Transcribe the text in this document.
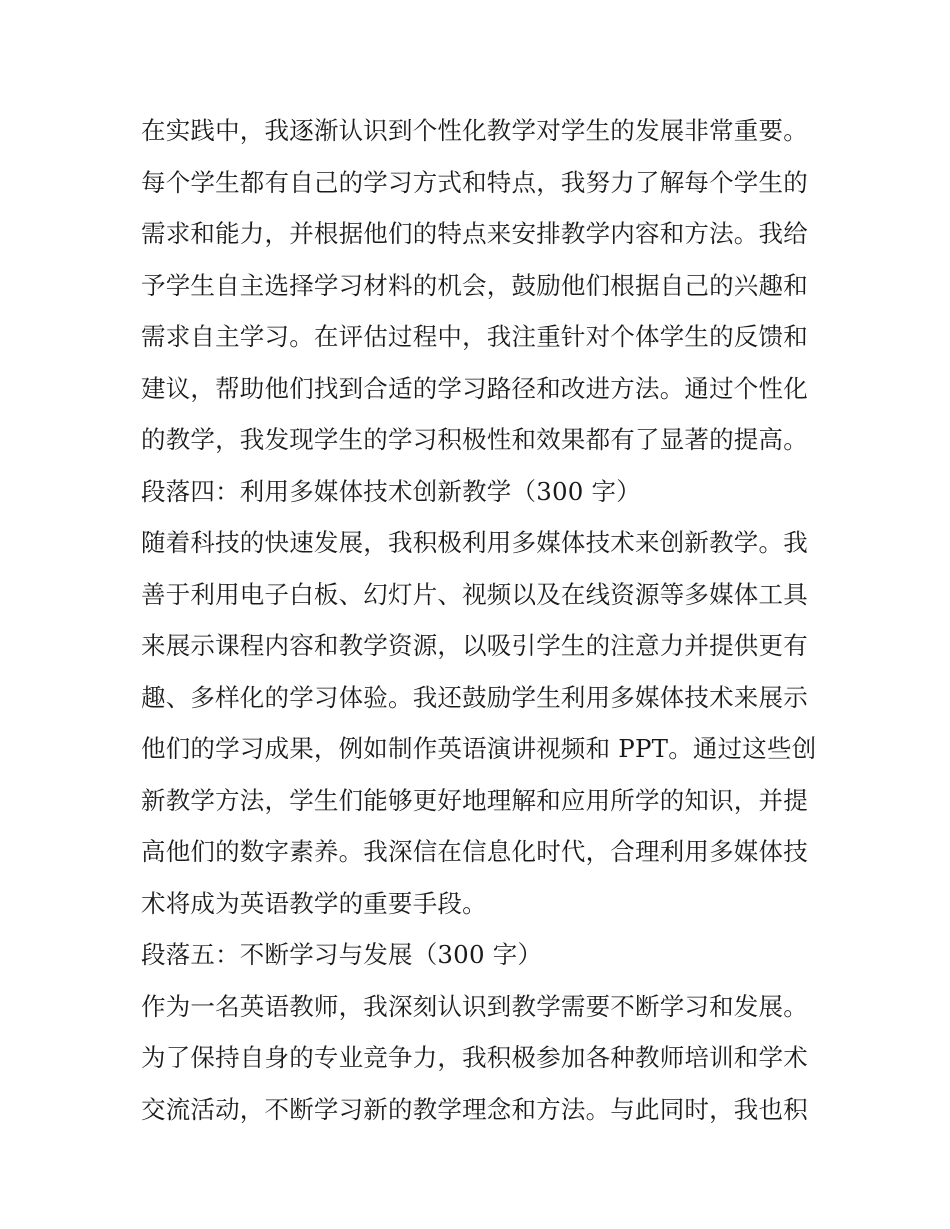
在实践中，我逐渐认识到个性化教学对学生的发展非常重要。
每个学生都有自己的学习方式和特点，我努力了解每个学生的
需求和能力，并根据他们的特点来安排教学内容和方法。我给
予学生自主选择学习材料的机会，鼓励他们根据自己的兴趣和
需求自主学习。在评估过程中，我注重针对个体学生的反馈和
建议，帮助他们找到合适的学习路径和改进方法。通过个性化
的教学，我发现学生的学习积极性和效果都有了显著的提高。
段落四：利用多媒体技术创新教学（300 字）
随着科技的快速发展，我积极利用多媒体技术来创新教学。我
善于利用电子白板、幻灯片、视频以及在线资源等多媒体工具
来展示课程内容和教学资源，以吸引学生的注意力并提供更有
趣、多样化的学习体验。我还鼓励学生利用多媒体技术来展示
他们的学习成果，例如制作英语演讲视频和 PPT。通过这些创
新教学方法，学生们能够更好地理解和应用所学的知识，并提
高他们的数字素养。我深信在信息化时代，合理利用多媒体技
术将成为英语教学的重要手段。
段落五：不断学习与发展（300 字）
作为一名英语教师，我深刻认识到教学需要不断学习和发展。
为了保持自身的专业竞争力，我积极参加各种教师培训和学术
交流活动，不断学习新的教学理念和方法。与此同时，我也积
